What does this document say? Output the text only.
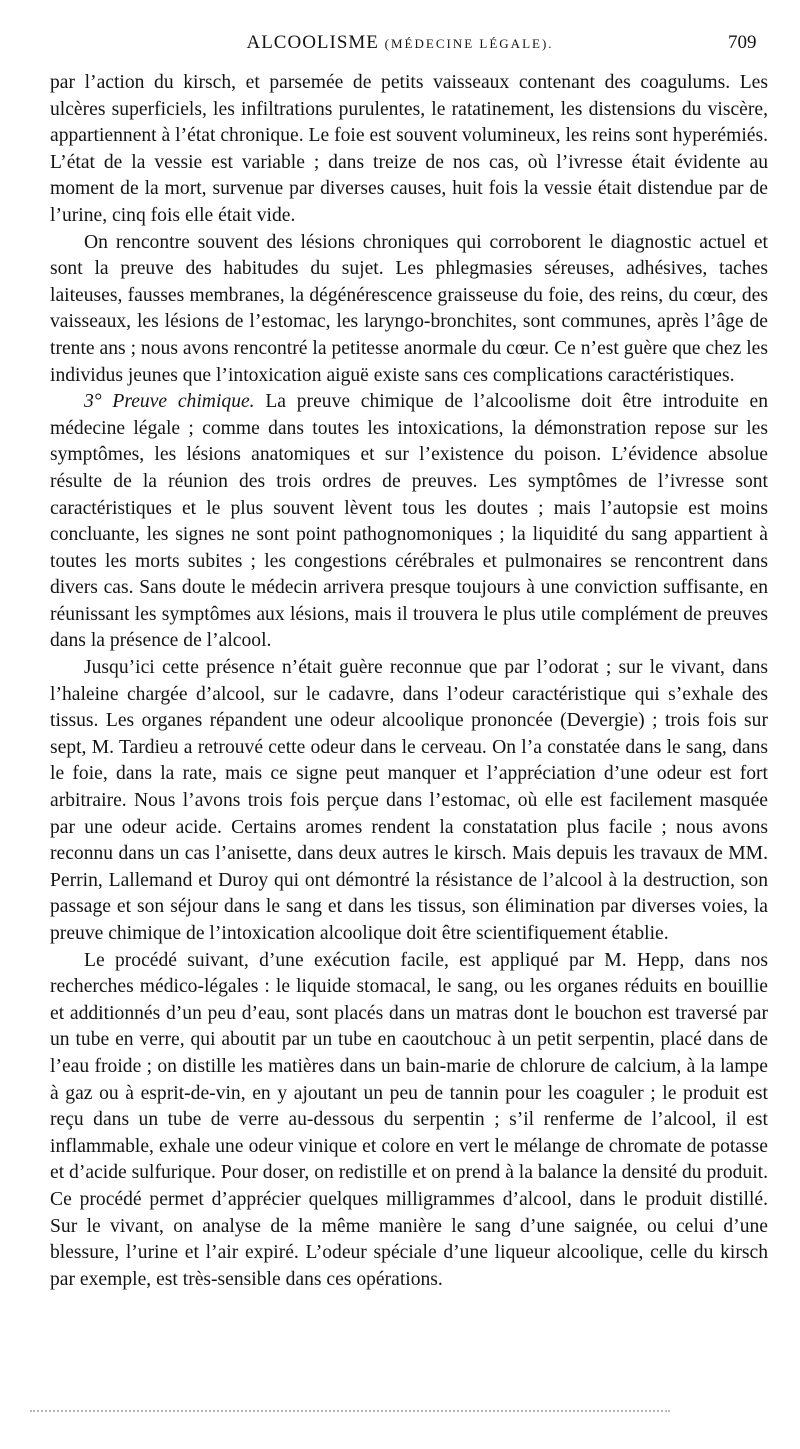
ALCOOLISME (MÉDECINE LÉGALE).	709

par l’action du kirsch, et parsemée de petits vaisseaux contenant des coagulums. Les ulcères superficiels, les infiltrations purulentes, le ratatinement, les distensions du viscère, appartiennent à l’état chronique. Le foie est souvent volumineux, les reins sont hyperémiés. L’état de la vessie est variable ; dans treize de nos cas, où l’ivresse était évidente au moment de la mort, survenue par diverses causes, huit fois la vessie était distendue par de l’urine, cinq fois elle était vide.

On rencontre souvent des lésions chroniques qui corroborent le diagnostic actuel et sont la preuve des habitudes du sujet. Les phlegmasies séreuses, adhésives, taches laiteuses, fausses membranes, la dégénérescence graisseuse du foie, des reins, du cœur, des vaisseaux, les lésions de l’estomac, les laryngo-bronchites, sont communes, après l’âge de trente ans ; nous avons rencontré la petitesse anormale du cœur. Ce n’est guère que chez les individus jeunes que l’intoxication aiguë existe sans ces complications caractéristiques.

3° Preuve chimique. La preuve chimique de l’alcoolisme doit être introduite en médecine légale ; comme dans toutes les intoxications, la démonstration repose sur les symptômes, les lésions anatomiques et sur l’existence du poison. L’évidence absolue résulte de la réunion des trois ordres de preuves. Les symptômes de l’ivresse sont caractéristiques et le plus souvent lèvent tous les doutes ; mais l’autopsie est moins concluante, les signes ne sont point pathognomoniques ; la liquidité du sang appartient à toutes les morts subites ; les congestions cérébrales et pulmonaires se rencontrent dans divers cas. Sans doute le médecin arrivera presque toujours à une conviction suffisante, en réunissant les symptômes aux lésions, mais il trouvera le plus utile complément de preuves dans la présence de l’alcool.

Jusqu’ici cette présence n’était guère reconnue que par l’odorat ; sur le vivant, dans l’haleine chargée d’alcool, sur le cadavre, dans l’odeur caractéristique qui s’exhale des tissus. Les organes répandent une odeur alcoolique prononcée (Devergie) ; trois fois sur sept, M. Tardieu a retrouvé cette odeur dans le cerveau. On l’a constatée dans le sang, dans le foie, dans la rate, mais ce signe peut manquer et l’appréciation d’une odeur est fort arbitraire. Nous l’avons trois fois perçue dans l’estomac, où elle est facilement masquée par une odeur acide. Certains aromes rendent la constatation plus facile ; nous avons reconnu dans un cas l’anisette, dans deux autres le kirsch. Mais depuis les travaux de MM. Perrin, Lallemand et Duroy qui ont démontré la résistance de l’alcool à la destruction, son passage et son séjour dans le sang et dans les tissus, son élimination par diverses voies, la preuve chimique de l’intoxication alcoolique doit être scientifiquement établie.

Le procédé suivant, d’une exécution facile, est appliqué par M. Hepp, dans nos recherches médico-légales : le liquide stomacal, le sang, ou les organes réduits en bouillie et additionnés d’un peu d’eau, sont placés dans un matras dont le bouchon est traversé par un tube en verre, qui aboutit par un tube en caoutchouc à un petit serpentin, placé dans de l’eau froide ; on distille les matières dans un bain-marie de chlorure de calcium, à la lampe à gaz ou à esprit-de-vin, en y ajoutant un peu de tannin pour les coaguler ; le produit est reçu dans un tube de verre au-dessous du serpentin ; s’il renferme de l’alcool, il est inflammable, exhale une odeur vinique et colore en vert le mélange de chromate de potasse et d’acide sulfurique. Pour doser, on redistille et on prend à la balance la densité du produit. Ce procédé permet d’apprécier quelques milligrammes d’alcool, dans le produit distillé. Sur le vivant, on analyse de la même manière le sang d’une saignée, ou celui d’une blessure, l’urine et l’air expiré. L’odeur spéciale d’une liqueur alcoolique, celle du kirsch par exemple, est très-sensible dans ces opérations.
